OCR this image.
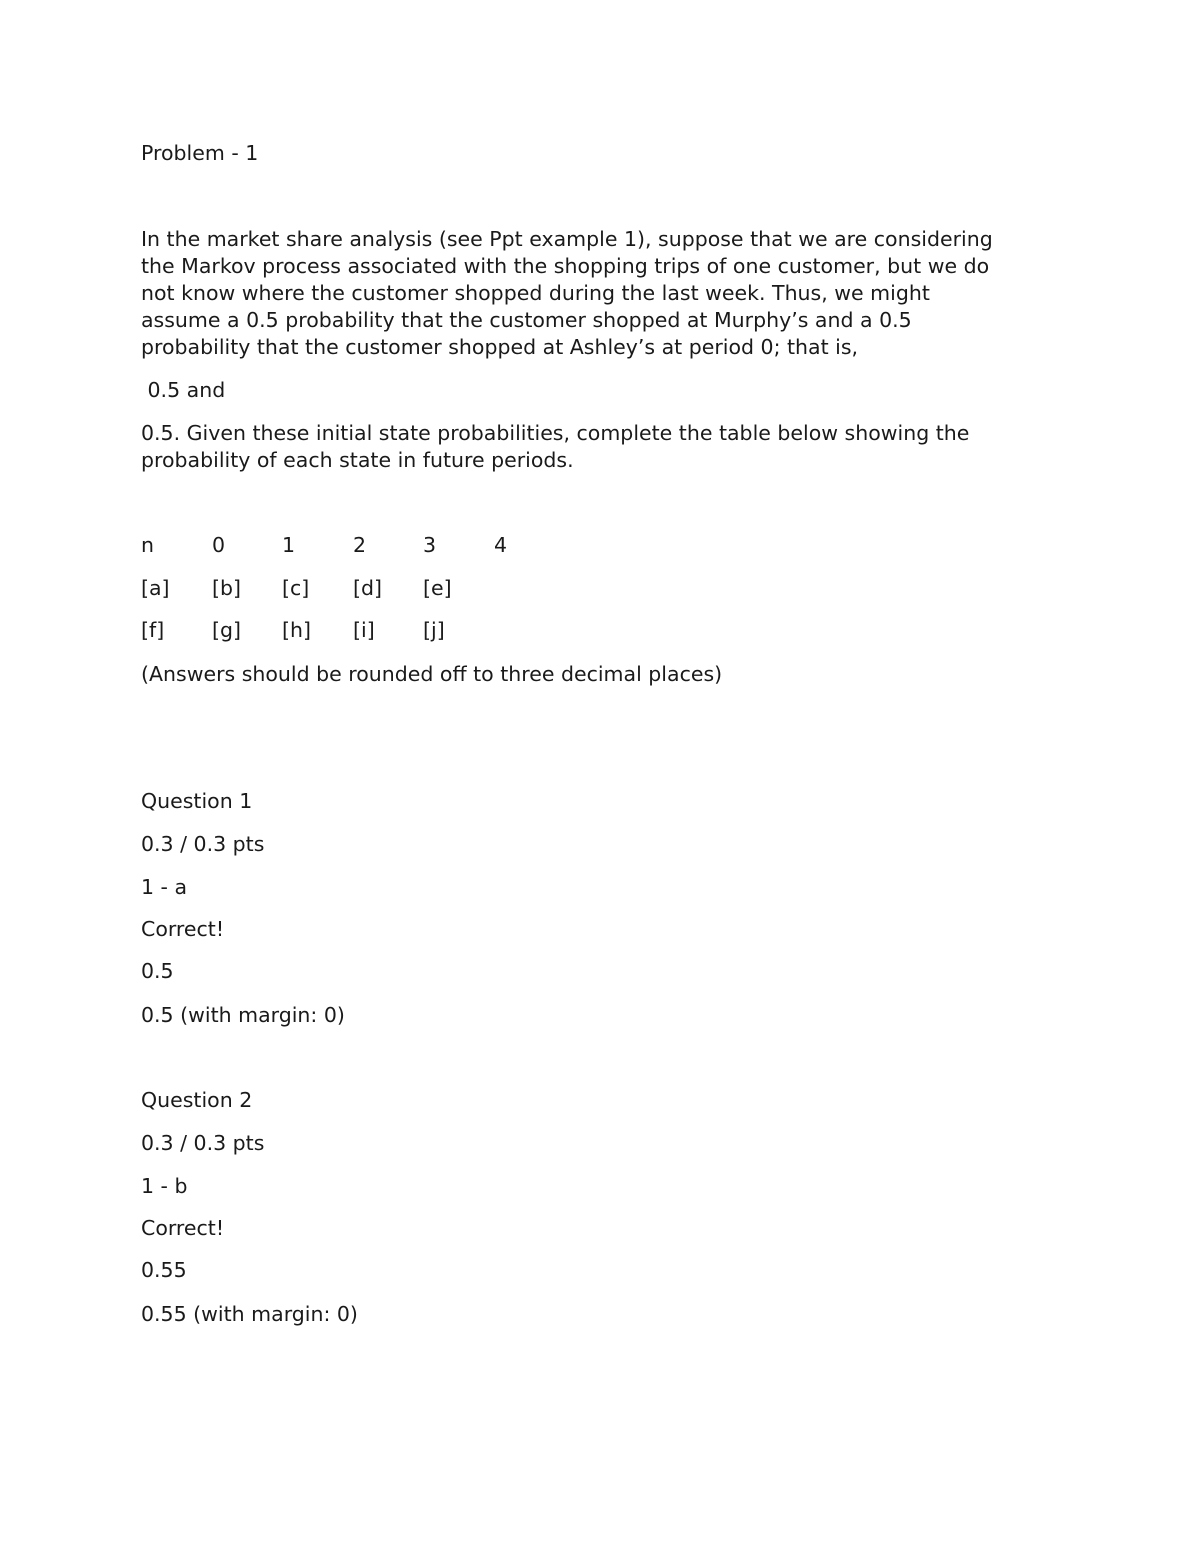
Problem - 1
In the market share analysis (see Ppt example 1), suppose that we are considering
the Markov process associated with the shopping trips of one customer, but we do
not know where the customer shopped during the last week. Thus, we might
assume a 0.5 probability that the customer shopped at Murphy’s and a 0.5
probability that the customer shopped at Ashley’s at period 0; that is,
0.5 and
0.5. Given these initial state probabilities, complete the table below showing the
probability of each state in future periods.
n	0	1	2	3	4
[a] [b] [c] [d] [e]
[f] [g] [h] [i] [j]
(Answers should be rounded off to three decimal places)
Question 1
0.3 / 0.3 pts
1 - a
Correct!
0.5
0.5 (with margin: 0)
Question 2
0.3 / 0.3 pts
1 - b
Correct!
0.55
0.55 (with margin: 0)
